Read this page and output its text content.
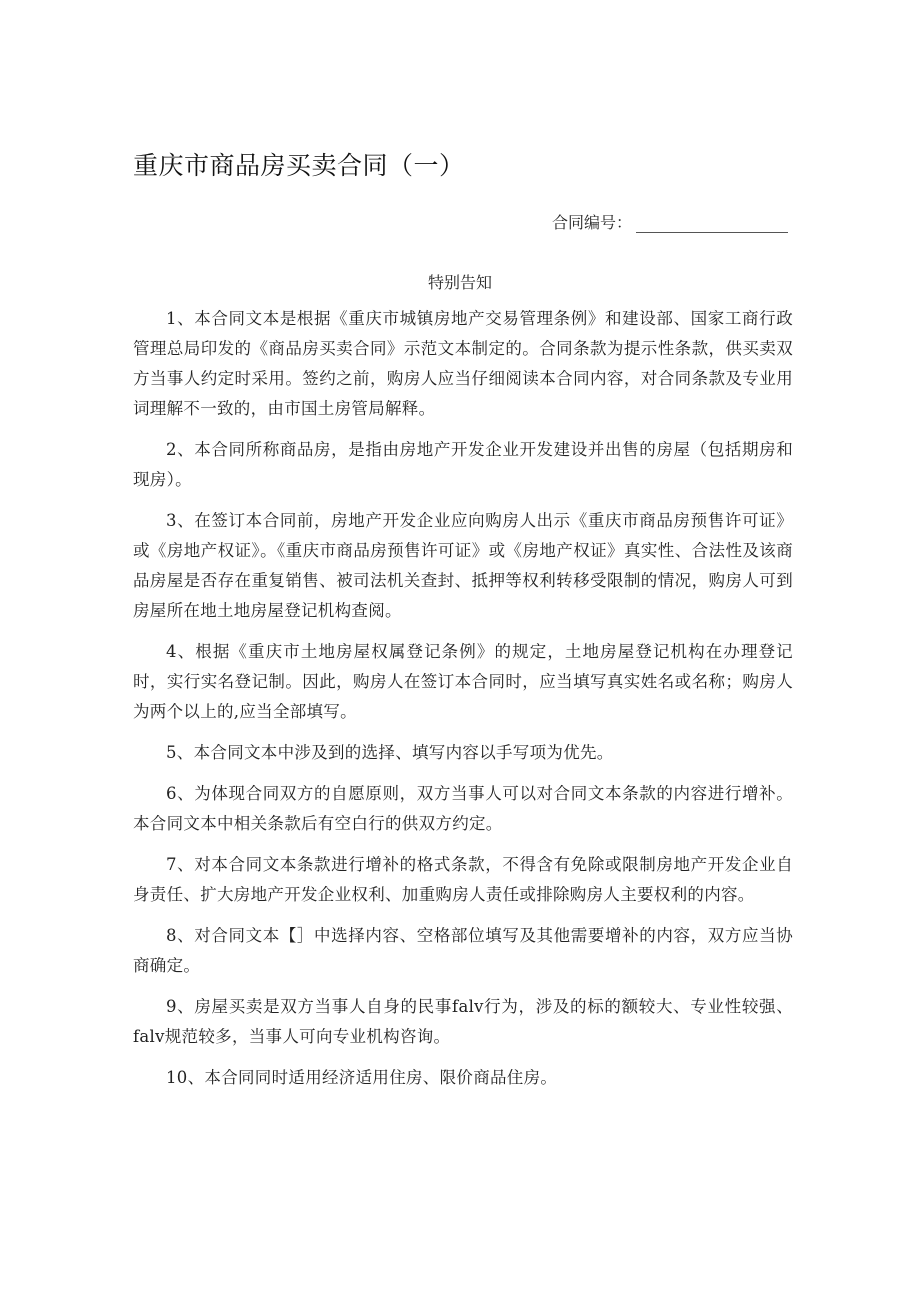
重庆市商品房买卖合同（一）
合同编号：
特别告知

1、本合同文本是根据《重庆市城镇房地产交易管理条例》和建设部、国家工商行政管理总局印发的《商品房买卖合同》示范文本制定的。合同条款为提示性条款，供买卖双方当事人约定时采用。签约之前，购房人应当仔细阅读本合同内容，对合同条款及专业用词理解不一致的，由市国土房管局解释。

2、本合同所称商品房，是指由房地产开发企业开发建设并出售的房屋（包括期房和现房）。

3、在签订本合同前，房地产开发企业应向购房人出示《重庆市商品房预售许可证》或《房地产权证》。《重庆市商品房预售许可证》或《房地产权证》真实性、合法性及该商品房屋是否存在重复销售、被司法机关查封、抵押等权利转移受限制的情况，购房人可到房屋所在地土地房屋登记机构查阅。

4、根据《重庆市土地房屋权属登记条例》的规定，土地房屋登记机构在办理登记时，实行实名登记制。因此，购房人在签订本合同时，应当填写真实姓名或名称；购房人为两个以上的,应当全部填写。

5、本合同文本中涉及到的选择、填写内容以手写项为优先。

6、为体现合同双方的自愿原则，双方当事人可以对合同文本条款的内容进行增补。本合同文本中相关条款后有空白行的供双方约定。

7、对本合同文本条款进行增补的格式条款，不得含有免除或限制房地产开发企业自身责任、扩大房地产开发企业权利、加重购房人责任或排除购房人主要权利的内容。

8、对合同文本【］中选择内容、空格部位填写及其他需要增补的内容，双方应当协商确定。

9、房屋买卖是双方当事人自身的民事falv行为，涉及的标的额较大、专业性较强、falv规范较多，当事人可向专业机构咨询。

10、本合同同时适用经济适用住房、限价商品住房。
